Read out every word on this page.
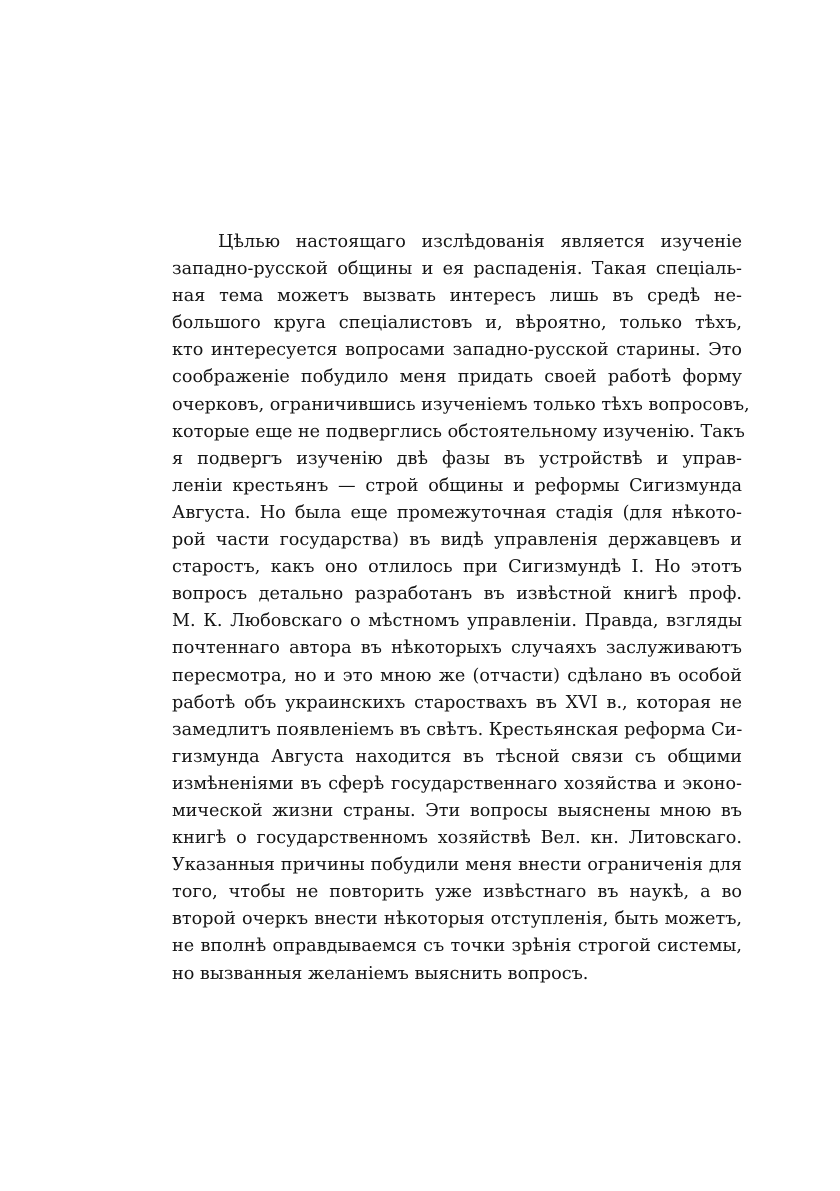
Цѣлью настоящаго изслѣдованія является изученіе
западно-русской общины и ея распаденія. Такая спеціаль-
ная тема можетъ вызвать интересъ лишь въ средѣ не-
большого круга спеціалистовъ и, вѣроятно, только тѣхъ,
кто интересуется вопросами западно-русской старины. Это
соображеніе побудило меня придать своей работѣ форму
очерковъ, ограничившись изученіемъ только тѣхъ вопросовъ,
которые еще не подверглись обстоятельному изученію. Такъ
я подвергъ изученію двѣ фазы въ устройствѣ и управ-
леніи крестьянъ — строй общины и реформы Сигизмунда
Августа. Но была еще промежуточная стадія (для нѣкото-
рой части государства) въ видѣ управленія державцевъ и
старостъ, какъ оно отлилось при Сигизмундѣ I. Но этотъ
вопросъ детально разработанъ въ извѣстной книгѣ проф.
М. К. Любовскаго о мѣстномъ управленіи. Правда, взгляды
почтеннаго автора въ нѣкоторыхъ случаяхъ заслуживаютъ
пересмотра, но и это мною же (отчасти) сдѣлано въ особой
работѣ объ украинскихъ староствахъ въ XVI в., которая не
замедлитъ появленіемъ въ свѣтъ. Крестьянская реформа Си-
гизмунда Августа находится въ тѣсной связи съ общими
измѣненіями въ сферѣ государственнаго хозяйства и эконо-
мической жизни страны. Эти вопросы выяснены мною въ
книгѣ о государственномъ хозяйствѣ Вел. кн. Литовскаго.
Указанныя причины побудили меня внести ограниченія для
того, чтобы не повторить уже извѣстнаго въ наукѣ, а во
второй очеркъ внести нѣкоторыя отступленія, быть можетъ,
не вполнѣ оправдываемся съ точки зрѣнія строгой системы,
но вызванныя желаніемъ выяснить вопросъ.
